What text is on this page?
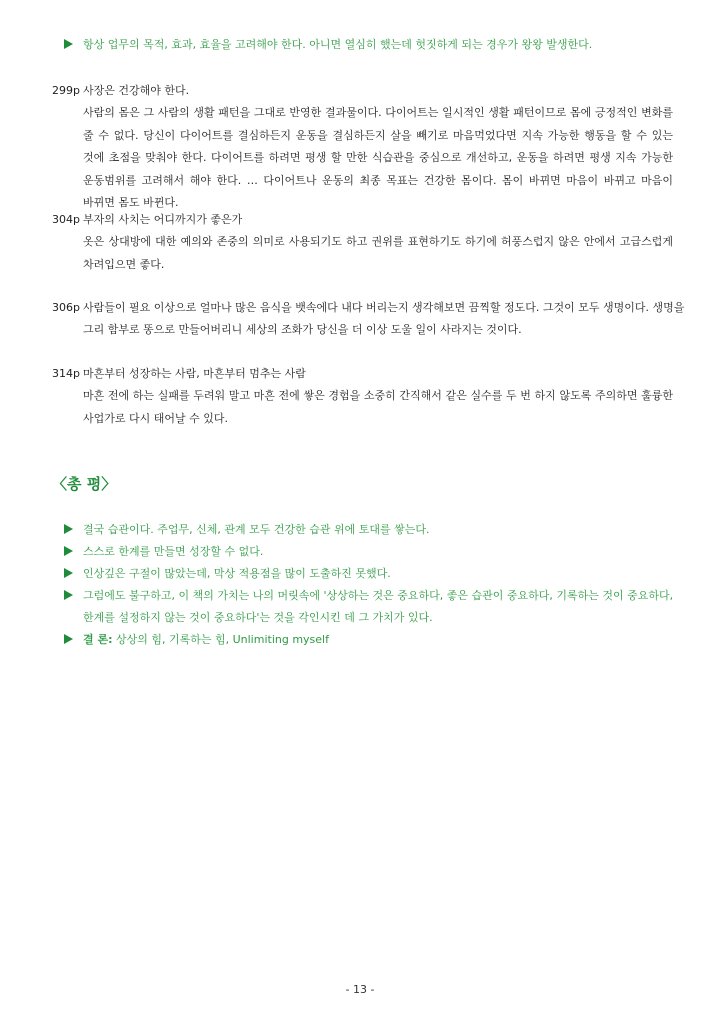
항상 업무의 목적, 효과, 효율을 고려해야 한다. 아니면 열심히 했는데 헛짓하게 되는 경우가 왕왕 발생한다.
299p 사장은 건강해야 한다.
사람의 몸은 그 사람의 생활 패턴을 그대로 반영한 결과물이다. 다이어트는 일시적인 생활 패턴이므로 몸에 긍정적인 변화를 줄 수 없다. 당신이 다이어트를 결심하든지 운동을 결심하든지 살을 빼기로 마음먹었다면 지속 가능한 행동을 할 수 있는 것에 초점을 맞춰야 한다. 다이어트를 하려면 평생 할 만한 식습관을 중심으로 개선하고, 운동을 하려면 평생 지속 가능한 운동범위를 고려해서 해야 한다. … 다이어트나 운동의 최종 목표는 건강한 몸이다. 몸이 바뀌면 마음이 바뀌고 마음이 바뀌면 몸도 바뀐다.
304p 부자의 사치는 어디까지가 좋은가
옷은 상대방에 대한 예의와 존중의 의미로 사용되기도 하고 권위를 표현하기도 하기에 허풍스럽지 않은 안에서 고급스럽게 차려입으면 좋다.
306p 사람들이 필요 이상으로 얼마나 많은 음식을 뱃속에다 내다 버리는지 생각해보면 끔찍할 정도다. 그것이 모두 생명이다. 생명을
그리 함부로 똥으로 만들어버리니 세상의 조화가 당신을 더 이상 도울 일이 사라지는 것이다.
314p 마흔부터 성장하는 사람, 마흔부터 멈추는 사람
마흔 전에 하는 실패를 두려워 말고 마흔 전에 쌓은 경험을 소중히 간직해서 같은 실수를 두 번 하지 않도록 주의하면 훌륭한 사업가로 다시 태어날 수 있다.
〈총 평〉
결국 습관이다. 주업무, 신체, 관계 모두 건강한 습관 위에 토대를 쌓는다.
스스로 한계를 만들면 성장할 수 없다.
인상깊은 구절이 많았는데, 막상 적용점을 많이 도출하진 못했다.
그럼에도 불구하고, 이 책의 가치는 나의 머릿속에 '상상하는 것은 중요하다, 좋은 습관이 중요하다, 기록하는 것이 중요하다,
한계를 설정하지 않는 것이 중요하다'는 것을 각인시킨 데 그 가치가 있다.
결 론: 상상의 힘, 기록하는 힘, Unlimiting myself
- 13 -
